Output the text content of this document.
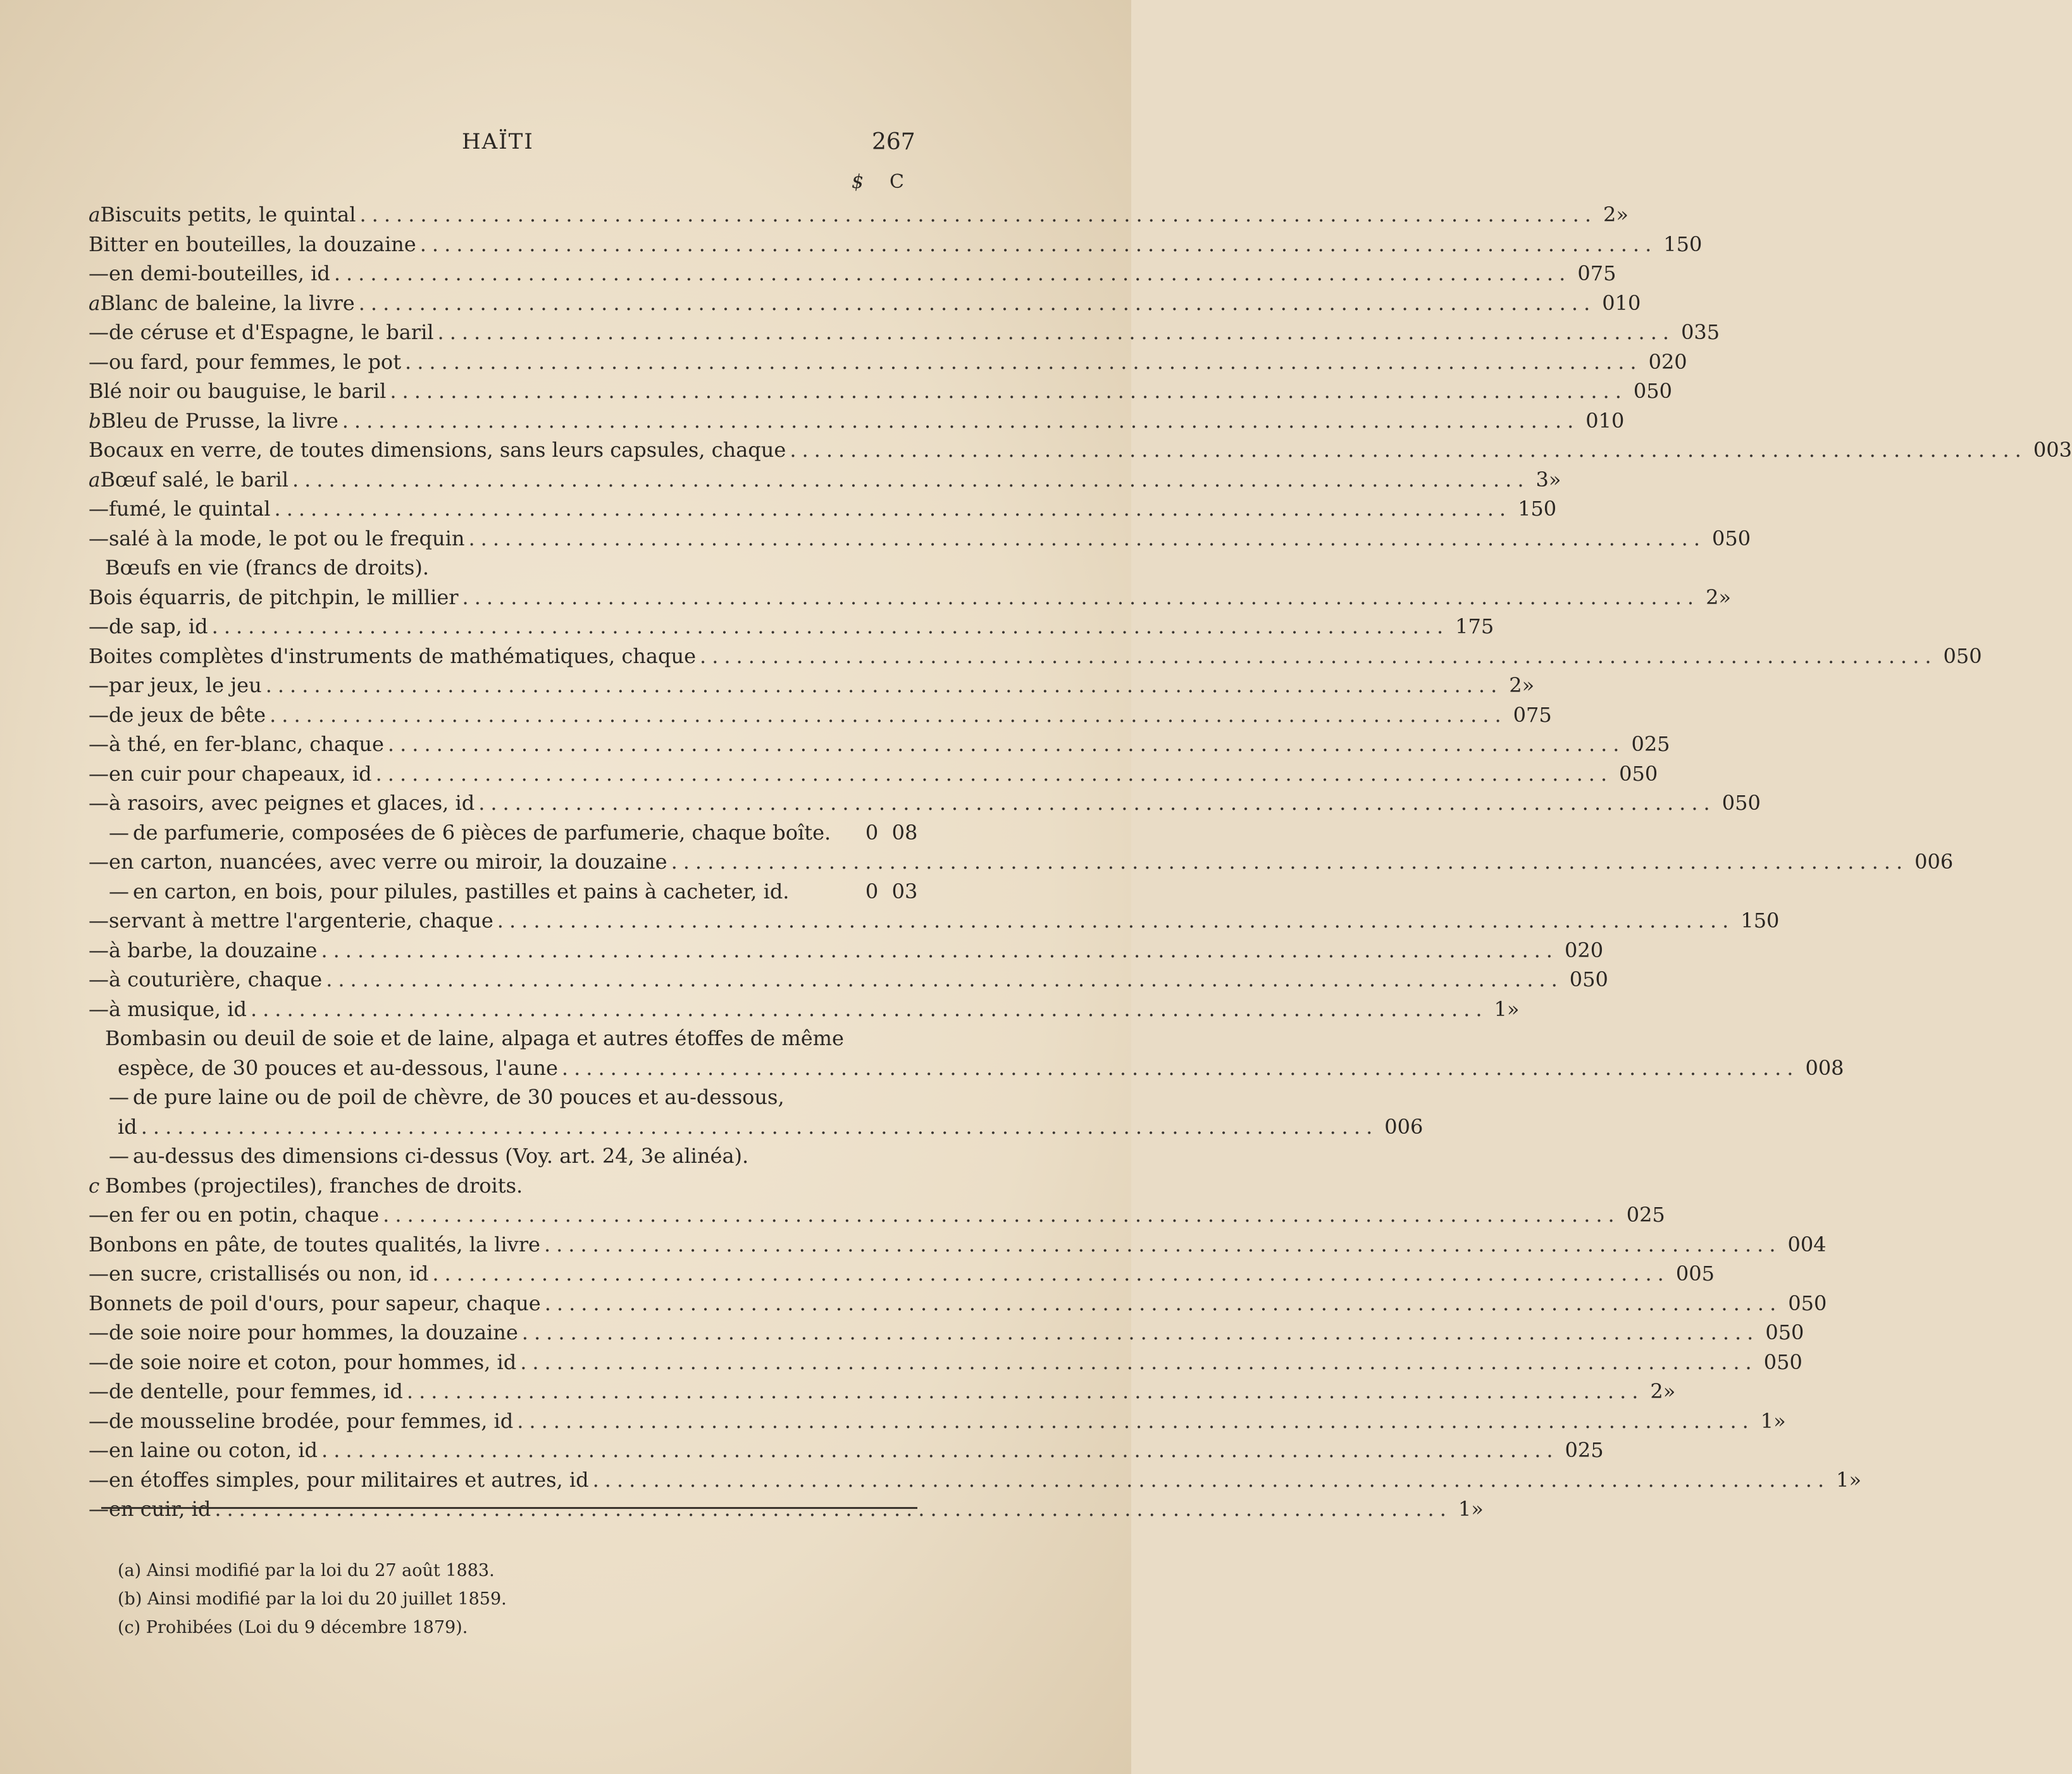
HAÏTI	267
$ C
a Biscuits petits, le quintal .....	2 »
Bitter en bouteilles, la douzaine .....	1 50
— en demi-bouteilles, id .....	0 75
a Blanc de baleine, la livre .....	0 10
— de céruse et d'Espagne, le baril .....	0 35
— ou fard, pour femmes, le pot .....	0 20
Blé noir ou bauguise, le baril .....	0 50
b Bleu de Prusse, la livre .....	0 10
Bocaux en verre, de toutes dimensions, sans leurs capsules, chaque .....	0 03
a Bœuf salé, le baril .....	3 »
— fumé, le quintal .....	1 50
— salé à la mode, le pot ou le frequin .....	0 50
Bœufs en vie (francs de droits).
Bois équarris, de pitchpin, le millier .....	2 »
— de sap, id .....	1 75
Boites complètes d'instruments de mathématiques, chaque .....	0 50
— par jeux, le jeu .....	2 »
— de jeux de bête .....	0 75
— à thé, en fer-blanc, chaque .....	0 25
— en cuir pour chapeaux, id .....	0 50
— à rasoirs, avec peignes et glaces, id .....	0 50
— de parfumerie, composées de 6 pièces de parfumerie, chaque boîte.	0 08
— en carton, nuancées, avec verre ou miroir, la douzaine .....	0 06
— en carton, en bois, pour pilules, pastilles et pains à cacheter, id.	0 03
— servant à mettre l'argenterie, chaque .....	1 50
— à barbe, la douzaine .....	0 20
— à couturière, chaque .....	0 50
— à musique, id .....	1 »
Bombasin ou deuil de soie et de laine, alpaga et autres étoffes de même
espèce, de 30 pouces et au-dessous, l'aune .....	0 08
— de pure laine ou de poil de chèvre, de 30 pouces et au-dessous,
id .....	0 06
— au-dessus des dimensions ci-dessus (Voy. art. 24, 3e alinéa).
c Bombes (projectiles), franches de droits.
— en fer ou en potin, chaque .....	0 25
Bonbons en pâte, de toutes qualités, la livre .....	0 04
— en sucre, cristallisés ou non, id .....	0 05
Bonnets de poil d'ours, pour sapeur, chaque .....	0 50
— de soie noire pour hommes, la douzaine .....	0 50
— de soie noire et coton, pour hommes, id .....	0 50
— de dentelle, pour femmes, id .....	2 »
— de mousseline brodée, pour femmes, id .....	1 »
— en laine ou coton, id .....	0 25
— en étoffes simples, pour militaires et autres, id .....	1 »
— en cuir, id .....	1 »
(a) Ainsi modifié par la loi du 27 août 1883.
(b) Ainsi modifié par la loi du 20 juillet 1859.
(c) Prohibées (Loi du 9 décembre 1879).
